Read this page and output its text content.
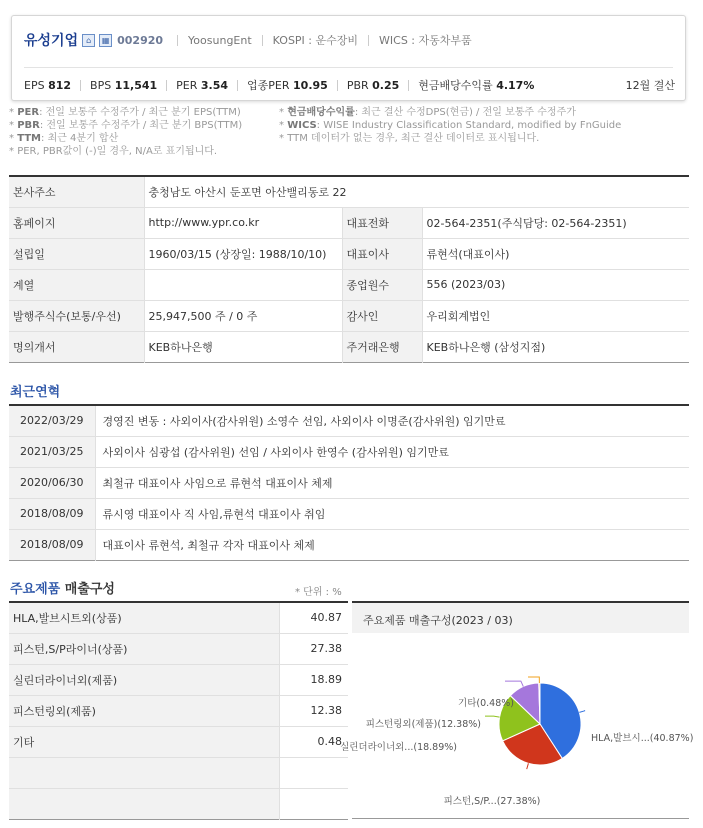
유성기업 ⌂	▦ 002920 YoosungEnt KOSPI : 운수장비 WICS : 자동차부품
EPS 812 BPS 11,541 PER 3.54 업종PER 10.95 PBR 0.25 현금배당수익률 4.17%	12월 결산
* PER: 전일 보통주 수정주가 / 최근 분기 EPS(TTM)
* PBR: 전일 보통주 수정주가 / 최근 분기 BPS(TTM)
* TTM: 최근 4분기 합산
* PER, PBR값이 (-)일 경우, N/A로 표기됩니다.
* 현금배당수익률: 최근 결산 수정DPS(현금) / 전일 보통주 수정주가
* WICS: WISE Industry Classification Standard, modified by FnGuide
* TTM 데이터가 없는 경우, 최근 결산 데이터로 표시됩니다.
본사주소	충청남도 아산시 둔포면 아산밸리동로 22		
홈페이지	http://www.ypr.co.kr	대표전화	02-564-2351(주식담당: 02-564-2351)
설립일	1960/03/15 (상장일: 1988/10/10)	대표이사	류현석(대표이사)
계열		종업원수	556 (2023/03)
발행주식수(보통/우선)	25,947,500 주 / 0 주	감사인	우리회계법인
명의개서	KEB하나은행	주거래은행	KEB하나은행 (삼성지점)
최근연혁
2022/03/29	경영진 변동 : 사외이사(감사위원) 소영수 선임, 사외이사 이명준(감사위원) 임기만료
2021/03/25	사외이사 심광섭 (감사위원) 선임 / 사외이사 한영수 (감사위원) 임기만료
2020/06/30	최철규 대표이사 사임으로 류현석 대표이사 체제
2018/08/09	류시영 대표이사 직 사임,류현석 대표이사 취임
2018/08/09	대표이사 류현석, 최철규 각자 대표이사 체제
주요제품 매출구성	* 단위 : %
HLA,발브시트외(상품)	40.87
피스턴,S/P라이너(상품)	27.38
실린더라이너외(제품)	18.89
피스턴링외(제품)	12.38
기타	0.48

주요제품 매출구성(2023 / 03)
HLA,발브시...(40.87%)
피스턴,S/P...(27.38%)
실린더라이너외...(18.89%)
피스턴링외(제품)(12.38%)
기타(0.48%)
